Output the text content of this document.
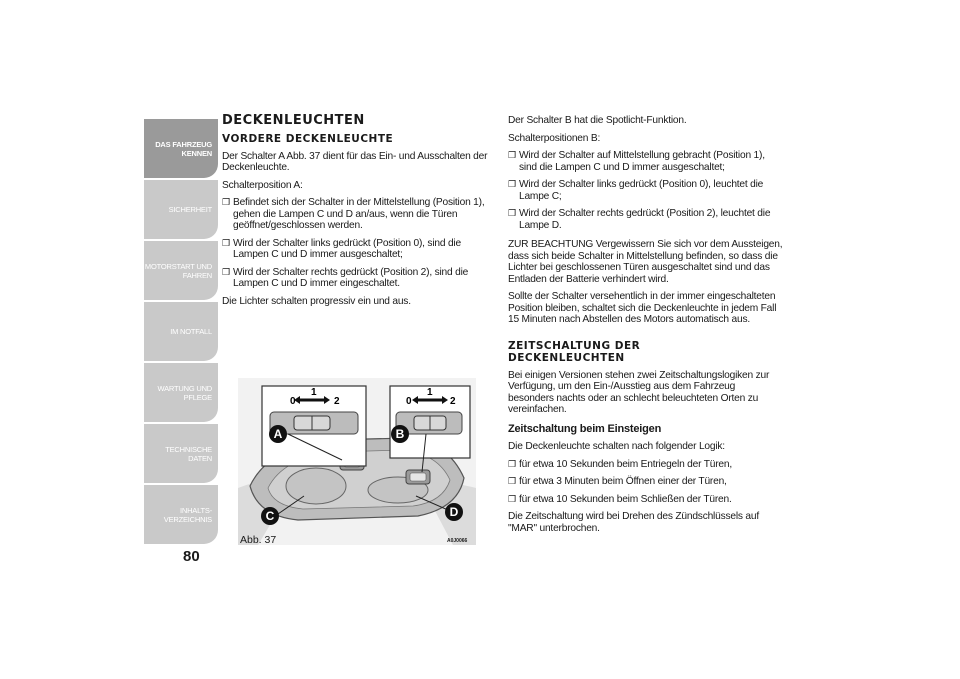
DAS FAHRZEUG
KENNEN
SICHERHEIT
MOTORSTART UND
FAHREN
IM NOTFALL
WARTUNG UND
PFLEGE
TECHNISCHE DATEN
INHALTS-
VERZEICHNIS
80
DECKENLEUCHTEN
VORDERE DECKENLEUCHTE

Der Schalter A Abb. 37 dient für das Ein- und Ausschalten der Deckenleuchte.

Schalterposition A:

❒ Befindet sich der Schalter in der Mittelstellung (Position 1), gehen die Lampen C und D an/aus, wenn die Türen geöffnet/geschlossen werden.

❒ Wird der Schalter links gedrückt (Position 0), sind die Lampen C und D immer ausgeschaltet;

❒ Wird der Schalter rechts gedrückt (Position 2), sind die Lampen C und D immer eingeschaltet.

Die Lichter schalten progressiv ein und aus.

0
1
2	0
1
2
A	B
C	D
Abb. 37	A0J0066

Der Schalter B hat die Spotlicht-Funktion.

Schalterpositionen B:

❒ Wird der Schalter auf Mittelstellung gebracht (Position 1), sind die Lampen C und D immer ausgeschaltet;

❒ Wird der Schalter links gedrückt (Position 0), leuchtet die Lampe C;

❒ Wird der Schalter rechts gedrückt (Position 2), leuchtet die Lampe D.

ZUR BEACHTUNG Vergewissern Sie sich vor dem Aussteigen, dass sich beide Schalter in Mittelstellung befinden, so dass die Lichter bei geschlossenen Türen ausgeschaltet sind und das Entladen der Batterie verhindert wird.

Sollte der Schalter versehentlich in der immer eingeschalteten Position bleiben, schaltet sich die Deckenleuchte in jedem Fall 15 Minuten nach Abstellen des Motors automatisch aus.

ZEITSCHALTUNG DER DECKENLEUCHTEN

Bei einigen Versionen stehen zwei Zeitschaltungslogiken zur Verfügung, um den Ein-/Ausstieg aus dem Fahrzeug besonders nachts oder an schlecht beleuchteten Orten zu vereinfachen.

Zeitschaltung beim Einsteigen

Die Deckenleuchte schalten nach folgender Logik:

❒ für etwa 10 Sekunden beim Entriegeln der Türen,

❒ für etwa 3 Minuten beim Öffnen einer der Türen,

❒ für etwa 10 Sekunden beim Schließen der Türen.

Die Zeitschaltung wird bei Drehen des Zündschlüssels auf "MAR" unterbrochen.
